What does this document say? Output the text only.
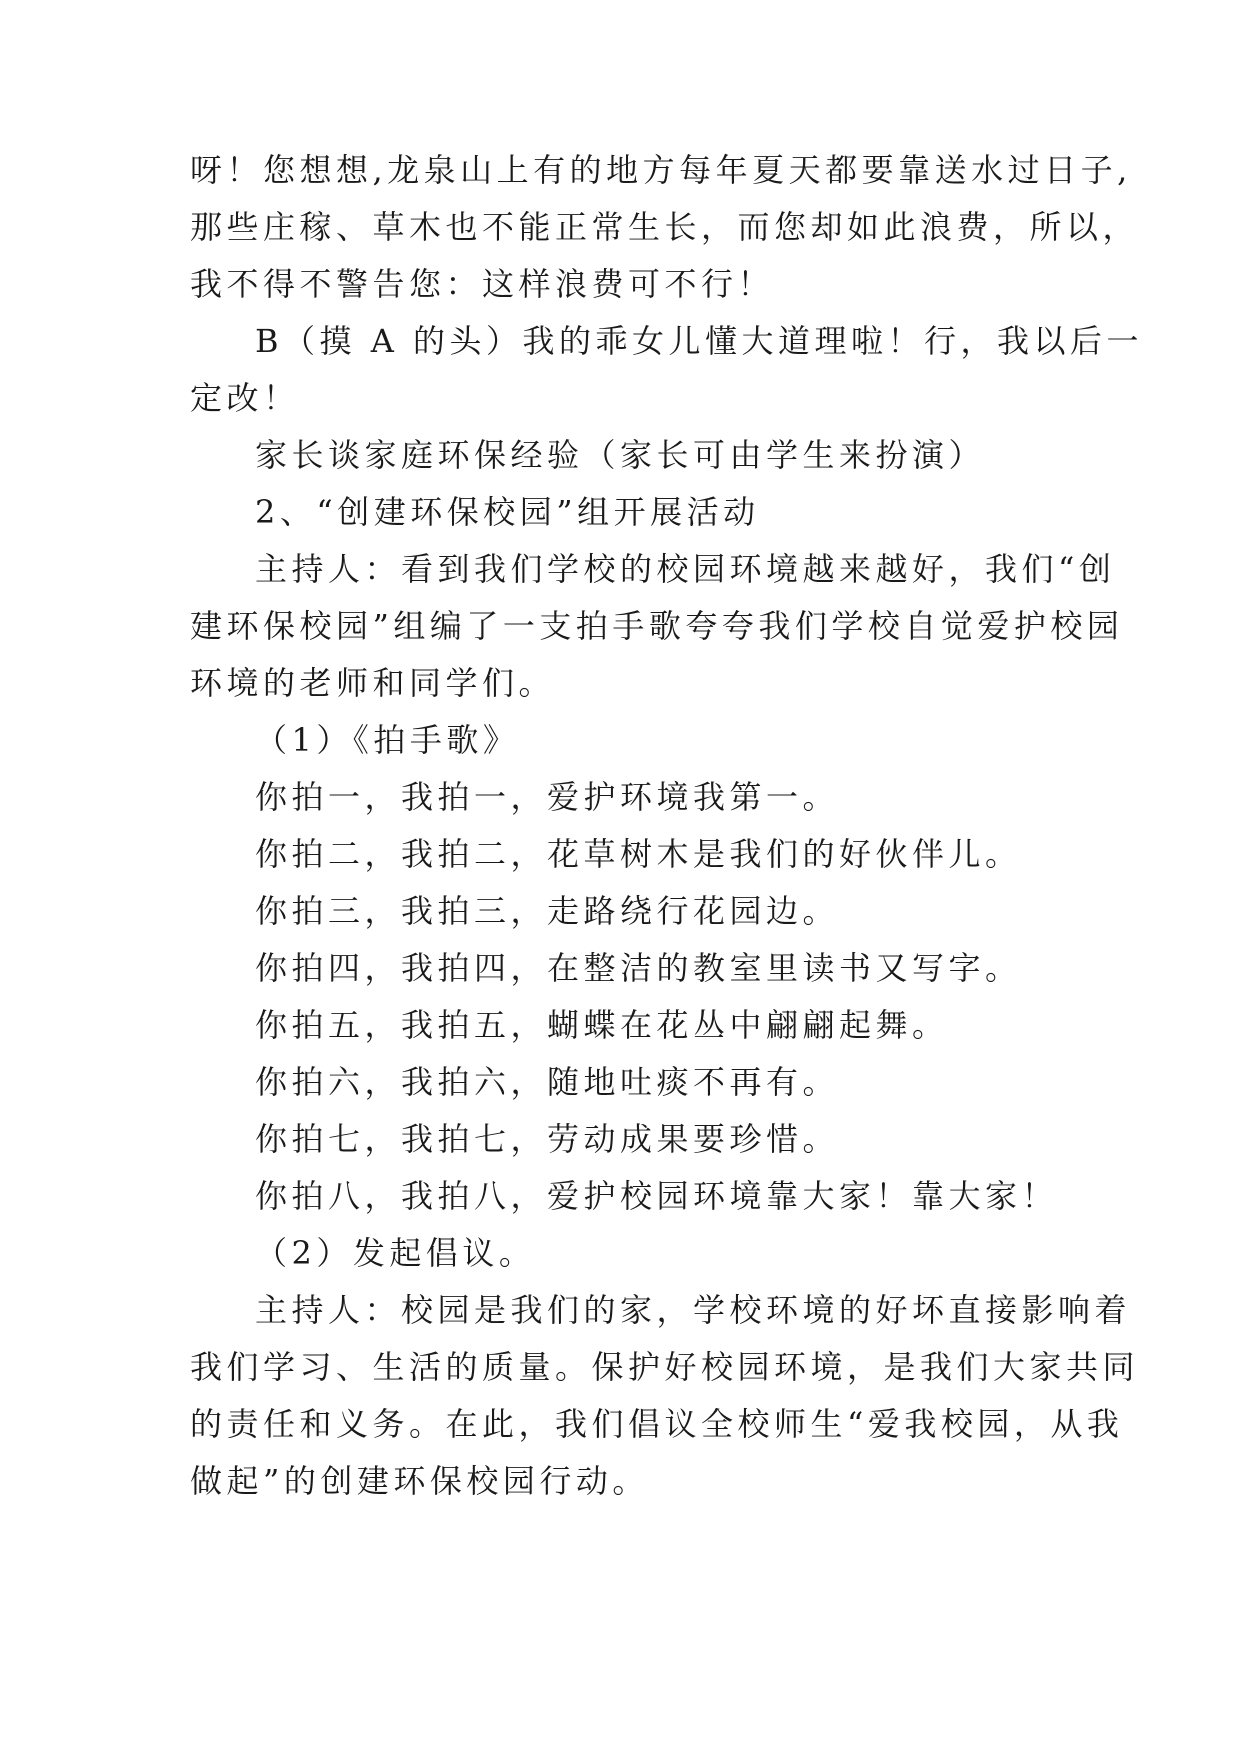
呀！您想想,龙泉山上有的地方每年夏天都要靠送水过日子,
那些庄稼、草木也不能正常生长，而您却如此浪费，所以，
我不得不警告您：这样浪费可不行！
B（摸 A 的头）我的乖女儿懂大道理啦！行，我以后一
定改！
家长谈家庭环保经验（家长可由学生来扮演）
2、“创建环保校园”组开展活动
主持人：看到我们学校的校园环境越来越好，我们“创
建环保校园”组编了一支拍手歌夸夸我们学校自觉爱护校园
环境的老师和同学们。
（1）《拍手歌》
你拍一，我拍一，爱护环境我第一。
你拍二，我拍二，花草树木是我们的好伙伴儿。
你拍三，我拍三，走路绕行花园边。
你拍四，我拍四，在整洁的教室里读书又写字。
你拍五，我拍五，蝴蝶在花丛中翩翩起舞。
你拍六，我拍六，随地吐痰不再有。
你拍七，我拍七，劳动成果要珍惜。
你拍八，我拍八，爱护校园环境靠大家！靠大家！
（2）发起倡议。
主持人：校园是我们的家，学校环境的好坏直接影响着
我们学习、生活的质量。保护好校园环境，是我们大家共同
的责任和义务。在此，我们倡议全校师生“爱我校园，从我
做起”的创建环保校园行动。
